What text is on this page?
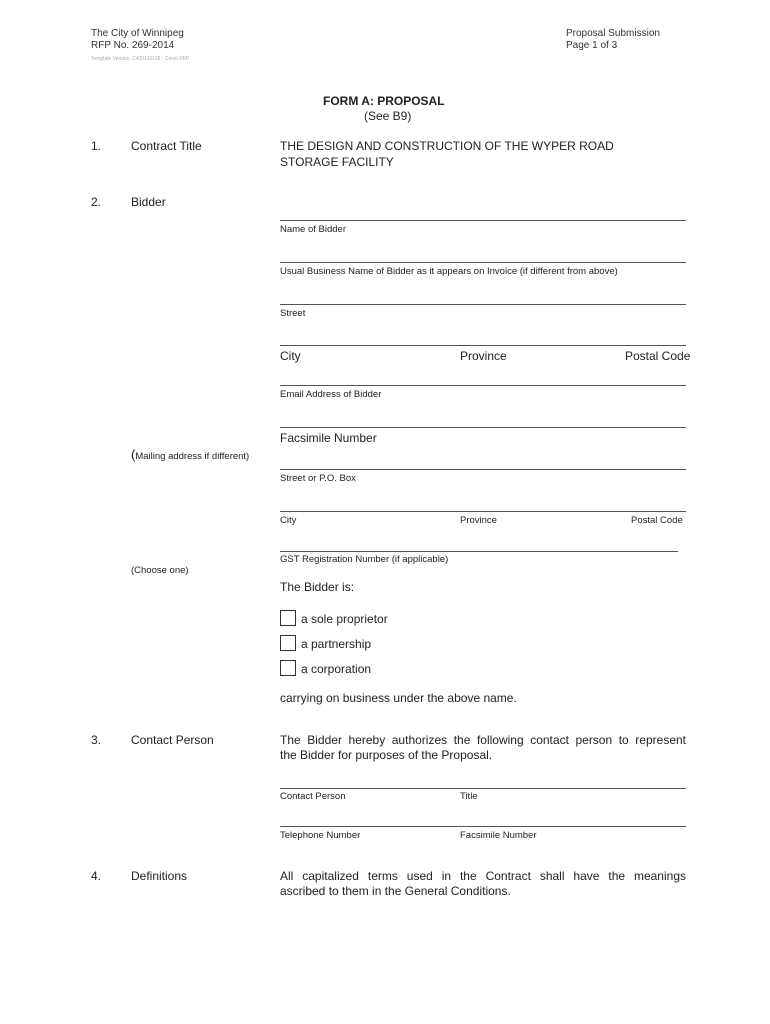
The City of Winnipeg
RFP No. 269-2014
Template Version: C420131126 - Const RFP
Proposal Submission
Page 1 of 3
FORM A: PROPOSAL
(See B9)
1. Contract Title	THE DESIGN AND CONSTRUCTION OF THE WYPER ROAD
STORAGE FACILITY
2. Bidder
Name of Bidder
Usual Business Name of Bidder as it appears on Invoice (if different from above)
Street
City	Province	Postal Code
Email Address of Bidder
Facsimile Number
(Mailing address if different)
Street or P.O. Box
City	Province	Postal Code
GST Registration Number (if applicable)
(Choose one)
The Bidder is:
a sole proprietor
a partnership
a corporation
carrying on business under the above name.
3. Contact Person	The Bidder hereby authorizes the following contact person to represent
the Bidder for purposes of the Proposal.
Contact Person	Title
Telephone Number	Facsimile Number
4. Definitions	All capitalized terms used in the Contract shall have the meanings
ascribed to them in the General Conditions.
